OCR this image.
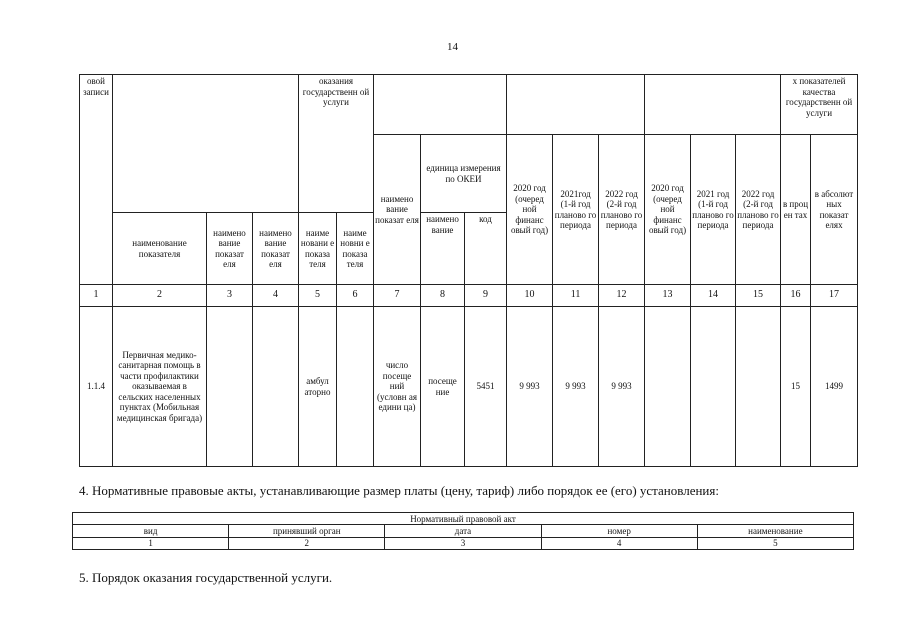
14
овой записи				оказания государственн ой услуги											х показателей качества государственн ой услуги	
						наимено вание показат еля	единица измерения по ОКЕИ		2020 год (очеред ной финанс овый год)	2021год (1-й год планово го периода	2022 год (2-й год планово го периода	2020 год (очеред ной финанс овый год)	2021 год (1-й год планово го периода	2022 год (2-й год планово го периода	в проц ен тах	в абсолют ных показат елях
	наименование показателя	наимено вание показат еля	наимено вание показат еля	наиме новани е показа теля	наиме новни е показа теля		наимено вание	код								
1	2	3	4	5	6	7	8	9	10	11	12	13	14	15	16	17
1.1.4	Первичная медико-санитарная помощь в части профилактики оказываемая в сельских населенных пунктах (Мобильная медицинская бригада)			амбул аторно		число посеще ний (условн ая едини ца)	посеще ние	5451	9 993	9 993	9 993				15	1499
4. Нормативные правовые акты, устанавливающие размер платы (цену, тариф) либо порядок ее (его) установления:
Нормативный правовой акт				
вид	принявший орган	дата	номер	наименование
1	2	3	4	5
5. Порядок оказания государственной услуги.
